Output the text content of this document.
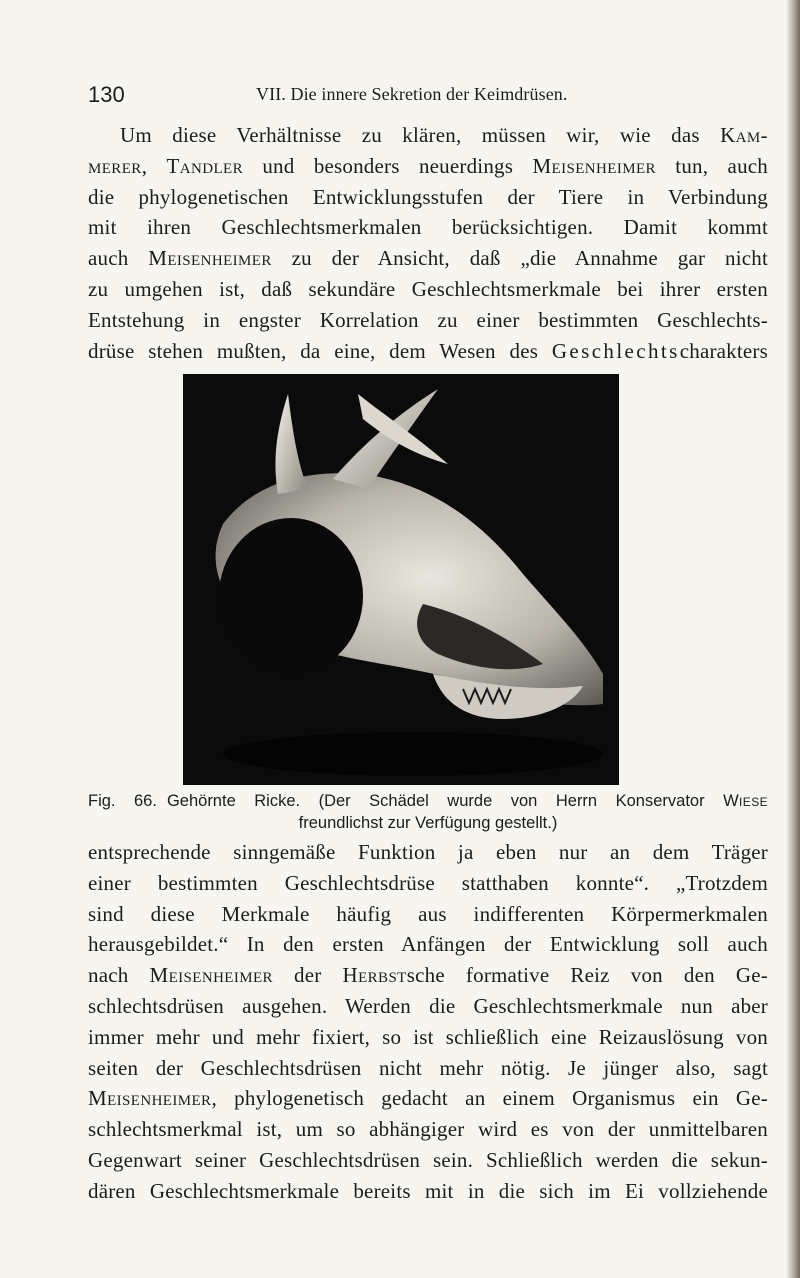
130	VII. Die innere Sekretion der Keimdrüsen.
Um diese Verhältnisse zu klären, müssen wir, wie das Kam-
merer, Tandler und besonders neuerdings Meisenheimer tun, auch
die phylogenetischen Entwicklungsstufen der Tiere in Verbindung
mit ihren Geschlechtsmerkmalen berücksichtigen. Damit kommt
auch Meisenheimer zu der Ansicht, daß „die Annahme gar nicht
zu umgehen ist, daß sekundäre Geschlechtsmerkmale bei ihrer ersten
Entstehung in engster Korrelation zu einer bestimmten Geschlechts-
drüse stehen mußten, da eine, dem Wesen des Geschlechtscharakters
Fig. 66. Gehörnte Ricke. (Der Schädel wurde von Herrn Konservator Wiese
freundlichst zur Verfügung gestellt.)
entsprechende sinngemäße Funktion ja eben nur an dem Träger
einer bestimmten Geschlechtsdrüse statthaben konnte“. „Trotzdem
sind diese Merkmale häufig aus indifferenten Körpermerkmalen
herausgebildet.“ In den ersten Anfängen der Entwicklung soll auch
nach Meisenheimer der Herbstsche formative Reiz von den Ge-
schlechtsdrüsen ausgehen. Werden die Geschlechtsmerkmale nun aber
immer mehr und mehr fixiert, so ist schließlich eine Reizauslösung von
seiten der Geschlechtsdrüsen nicht mehr nötig. Je jünger also, sagt
Meisenheimer, phylogenetisch gedacht an einem Organismus ein Ge-
schlechtsmerkmal ist, um so abhängiger wird es von der unmittelbaren
Gegenwart seiner Geschlechtsdrüsen sein. Schließlich werden die sekun-
dären Geschlechtsmerkmale bereits mit in die sich im Ei vollziehende
